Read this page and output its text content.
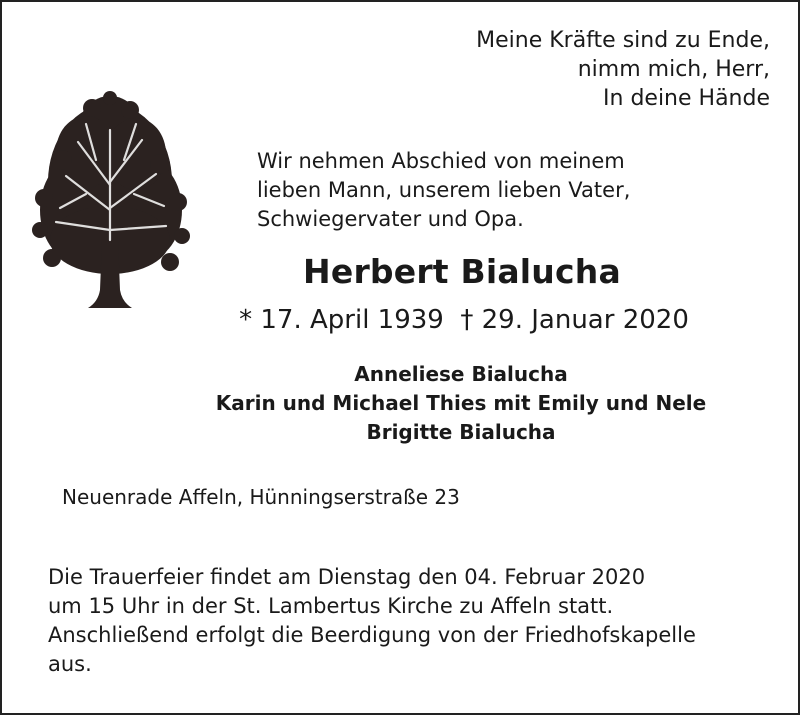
Meine Kräfte sind zu Ende,
nimm mich, Herr,
In deine Hände
Wir nehmen Abschied von meinem
lieben Mann, unserem lieben Vater,
Schwiegervater und Opa.
Herbert Bialucha
* 17. April 1939  † 29. Januar 2020
Anneliese Bialucha
Karin und Michael Thies mit Emily und Nele
Brigitte Bialucha
Neuenrade Affeln, Hünningserstraße 23
Die Trauerfeier findet am Dienstag den 04. Februar 2020
um 15 Uhr in der St. Lambertus Kirche zu Affeln statt.
Anschließend erfolgt die Beerdigung von der Friedhofskapelle
aus.
